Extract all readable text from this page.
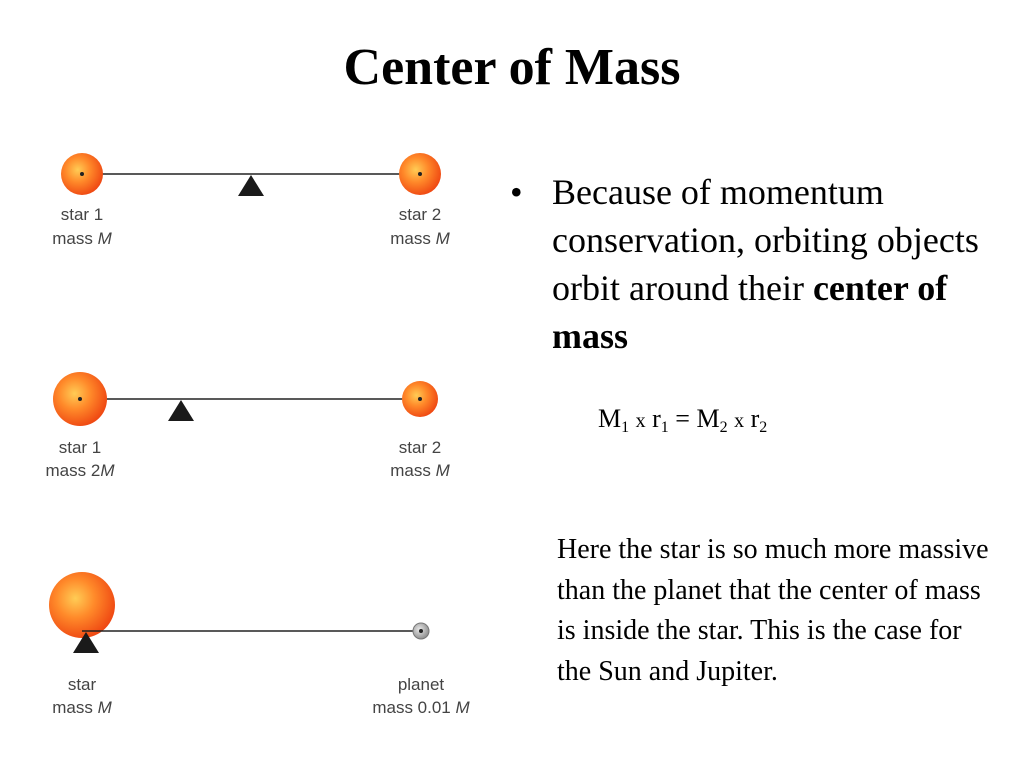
Center of Mass
star 1
mass M
star 2
mass M
star 1
mass 2M
star 2
mass M
star
mass M
planet
mass 0.01 M
• Because of momentum conservation, orbiting objects orbit around their center of mass
$M_1$ x $r_1 = M_2$ x $r_2$
Here the star is so much more massive than the planet that the center of mass is inside the star. This is the case for the Sun and Jupiter.
